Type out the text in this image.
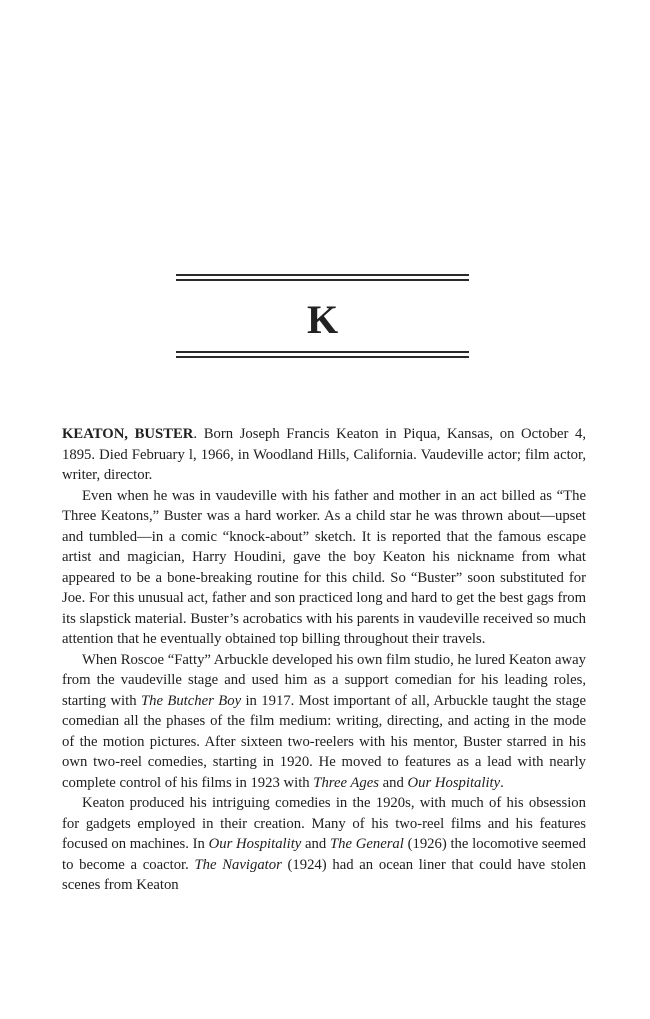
K

KEATON, BUSTER. Born Joseph Francis Keaton in Piqua, Kansas, on October 4, 1895. Died February l, 1966, in Woodland Hills, California. Vaudeville actor; film actor, writer, director.

Even when he was in vaudeville with his father and mother in an act billed as “The Three Keatons,” Buster was a hard worker. As a child star he was thrown about—upset and tumbled—in a comic “knock-about” sketch. It is reported that the famous escape artist and magician, Harry Houdini, gave the boy Keaton his nickname from what appeared to be a bone-breaking routine for this child. So “Buster” soon substituted for Joe. For this unusual act, father and son practiced long and hard to get the best gags from its slapstick material. Buster’s acrobatics with his parents in vaudeville received so much attention that he eventually obtained top billing throughout their travels.

When Roscoe “Fatty” Arbuckle developed his own film studio, he lured Keaton away from the vaudeville stage and used him as a support comedian for his leading roles, starting with The Butcher Boy in 1917. Most important of all, Arbuckle taught the stage comedian all the phases of the film medium: writing, directing, and acting in the mode of the motion pictures. After sixteen two-reelers with his mentor, Buster starred in his own two-reel comedies, starting in 1920. He moved to features as a lead with nearly complete control of his films in 1923 with Three Ages and Our Hospitality.

Keaton produced his intriguing comedies in the 1920s, with much of his obsession for gadgets employed in their creation. Many of his two-reel films and his features focused on machines. In Our Hospitality and The General (1926) the locomotive seemed to become a coactor. The Navigator (1924) had an ocean liner that could have stolen scenes from Keaton
